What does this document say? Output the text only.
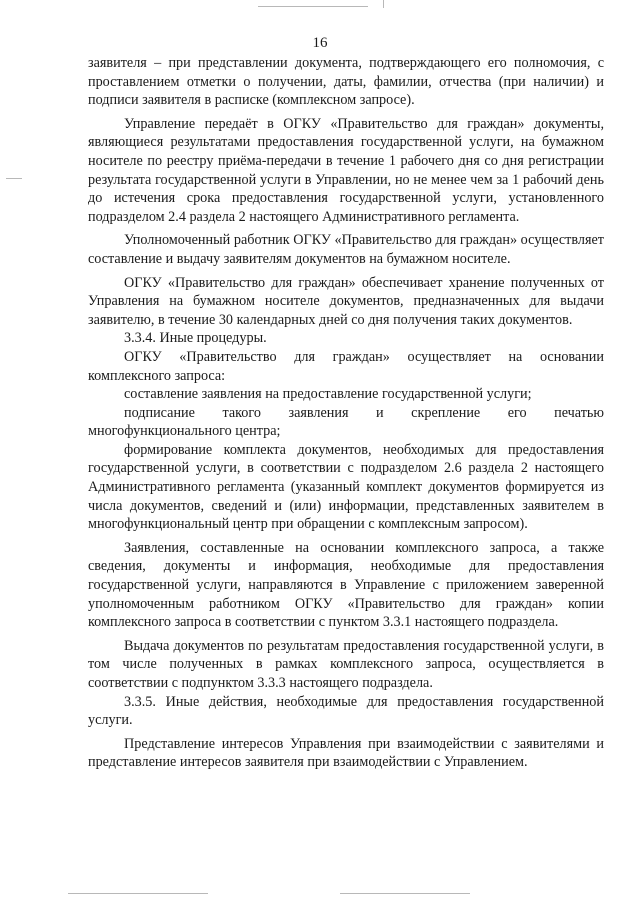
16

заявителя – при представлении документа, подтверждающего его полномочия, с проставлением отметки о получении, даты, фамилии, отчества (при наличии) и подписи заявителя в расписке (комплексном запросе).

Управление передаёт в ОГКУ «Правительство для граждан» документы, являющиеся результатами предоставления государственной услуги, на бумажном носителе по реестру приёма-передачи в течение 1 рабочего дня со дня регистрации результата государственной услуги в Управлении, но не менее чем за 1 рабочий день до истечения срока предоставления государственной услуги, установленного подразделом 2.4 раздела 2 настоящего Административного регламента.

Уполномоченный работник ОГКУ «Правительство для граждан» осуществляет составление и выдачу заявителям документов на бумажном носителе.

ОГКУ «Правительство для граждан» обеспечивает хранение полученных от Управления на бумажном носителе документов, предназначенных для выдачи заявителю, в течение 30 календарных дней со дня получения таких документов.

3.3.4. Иные процедуры.

ОГКУ «Правительство для граждан» осуществляет на основании комплексного запроса:

составление заявления на предоставление государственной услуги;

подписание такого заявления и скрепление его печатью многофункционального центра;

формирование комплекта документов, необходимых для предоставления государственной услуги, в соответствии с подразделом 2.6 раздела 2 настоящего Административного регламента (указанный комплект документов формируется из числа документов, сведений и (или) информации, представленных заявителем в многофункциональный центр при обращении с комплексным запросом).

Заявления, составленные на основании комплексного запроса, а также сведения, документы и информация, необходимые для предоставления государственной услуги, направляются в Управление с приложением заверенной уполномоченным работником ОГКУ «Правительство для граждан» копии комплексного запроса в соответствии с пунктом 3.3.1 настоящего подраздела.

Выдача документов по результатам предоставления государственной услуги, в том числе полученных в рамках комплексного запроса, осуществляется в соответствии с подпунктом 3.3.3 настоящего подраздела.

3.3.5. Иные действия, необходимые для предоставления государственной услуги.

Представление интересов Управления при взаимодействии с заявителями и представление интересов заявителя при взаимодействии с Управлением.
